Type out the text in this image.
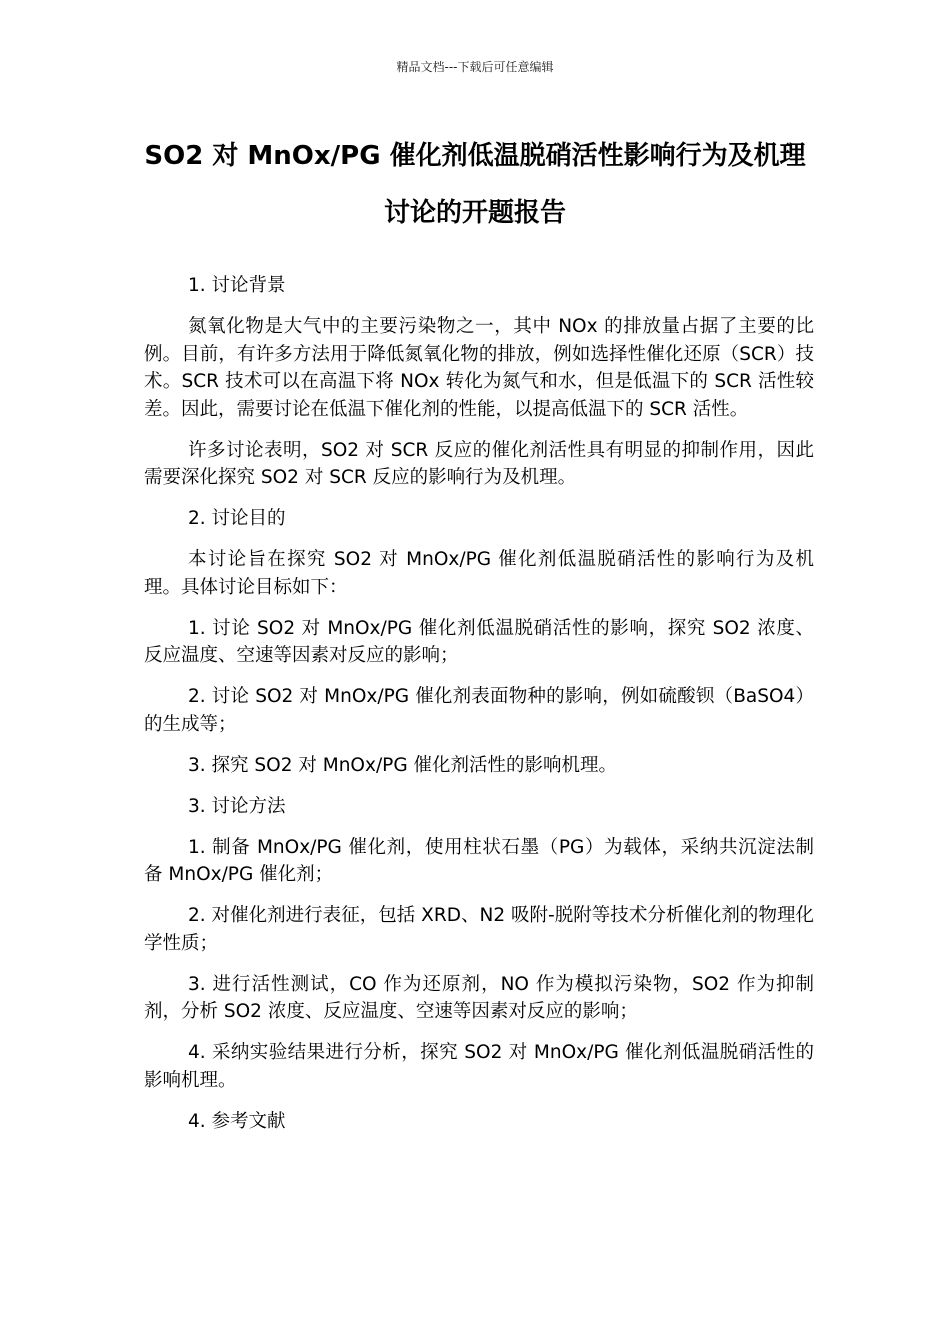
精品文档---下载后可任意编辑
SO2 对 MnOx/PG 催化剂低温脱硝活性影响行为及机理讨论的开题报告

1. 讨论背景

氮氧化物是大气中的主要污染物之一，其中 NOx 的排放量占据了主要的比例。目前，有许多方法用于降低氮氧化物的排放，例如选择性催化还原（SCR）技术。SCR 技术可以在高温下将 NOx 转化为氮气和水，但是低温下的 SCR 活性较差。因此，需要讨论在低温下催化剂的性能，以提高低温下的 SCR 活性。

许多讨论表明，SO2 对 SCR 反应的催化剂活性具有明显的抑制作用，因此需要深化探究 SO2 对 SCR 反应的影响行为及机理。

2. 讨论目的

本讨论旨在探究 SO2 对 MnOx/PG 催化剂低温脱硝活性的影响行为及机理。具体讨论目标如下：

1. 讨论 SO2 对 MnOx/PG 催化剂低温脱硝活性的影响，探究 SO2 浓度、反应温度、空速等因素对反应的影响；

2. 讨论 SO2 对 MnOx/PG 催化剂表面物种的影响，例如硫酸钡（BaSO4）的生成等；

3. 探究 SO2 对 MnOx/PG 催化剂活性的影响机理。

3. 讨论方法

1. 制备 MnOx/PG 催化剂，使用柱状石墨（PG）为载体，采纳共沉淀法制备 MnOx/PG 催化剂；

2. 对催化剂进行表征，包括 XRD、N2 吸附-脱附等技术分析催化剂的物理化学性质；

3. 进行活性测试，CO 作为还原剂，NO 作为模拟污染物，SO2 作为抑制剂，分析 SO2 浓度、反应温度、空速等因素对反应的影响；

4. 采纳实验结果进行分析，探究 SO2 对 MnOx/PG 催化剂低温脱硝活性的影响机理。

4. 参考文献
